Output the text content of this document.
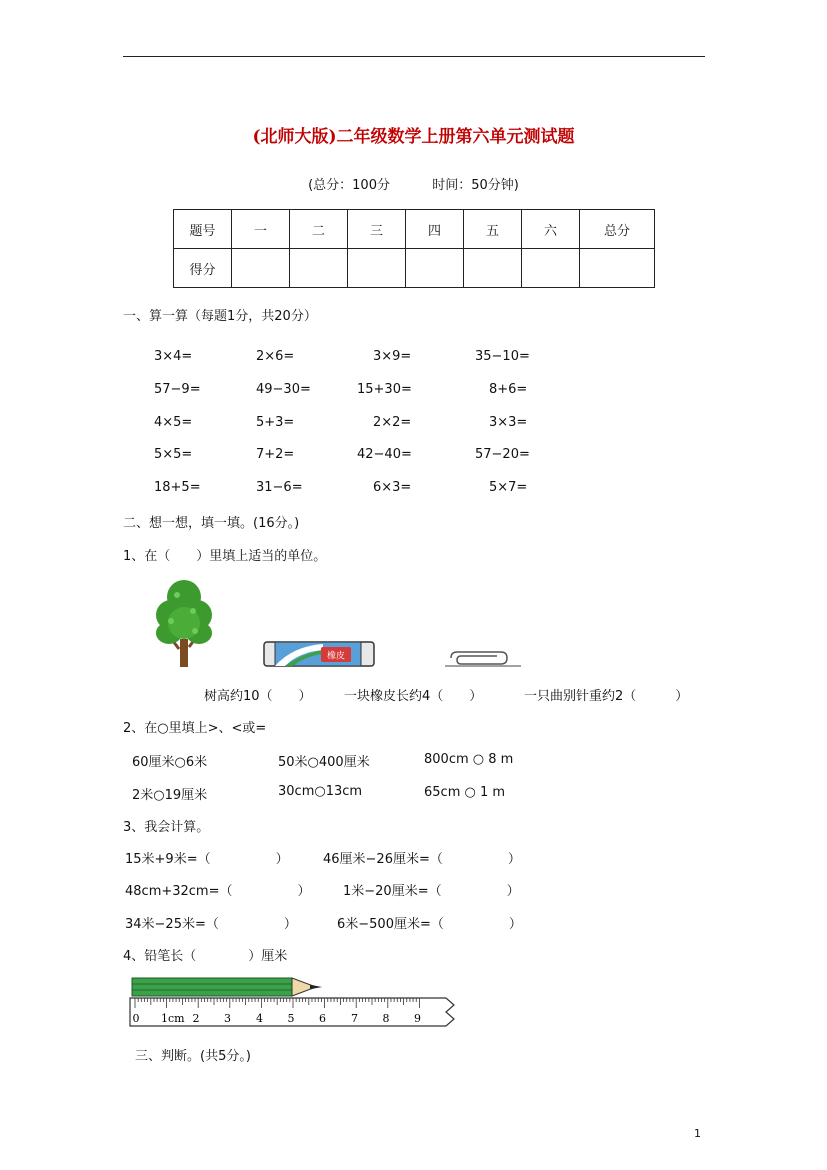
(北师大版)二年级数学上册第六单元测试题
(总分：100分	时间：50分钟)
题号	一	二	三	四	五	六	总分
得分							
一、算一算（每题1分，共20分）
3×4=	2×6=	3×9=	35−10=
57−9=	49−30=	15+30=	8+6=
4×5=	5+3=	2×2=	3×3=
5×5=	7+2=	42−40=	57−20=
18+5=	31−6=	6×3=	5×7=
二、想一想，填一填。(16分。)
1、在（　　）里填上适当的单位。
橡皮
树高约10（　　） 一块橡皮长约4（　　）	一只曲别针重约2（　　　）
2、在○里填上>、<或=
60厘米○6米	50米○400厘米	800cm ○ 8 m
2米○19厘米	30cm○13cm	65cm ○ 1 m
3、我会计算。
15米+9米=（　　　　　）	46厘米−26厘米=（　　　　　）
48cm+32cm=（　　　　　）	1米−20厘米=（　　　　　）
34米−25米=（　　　　　）	6米−500厘米=（　　　　　）
4、铅笔长（　　　　）厘米
0 1cm 2 3 4 5 6 7 8 9
三、判断。(共5分。)
1
